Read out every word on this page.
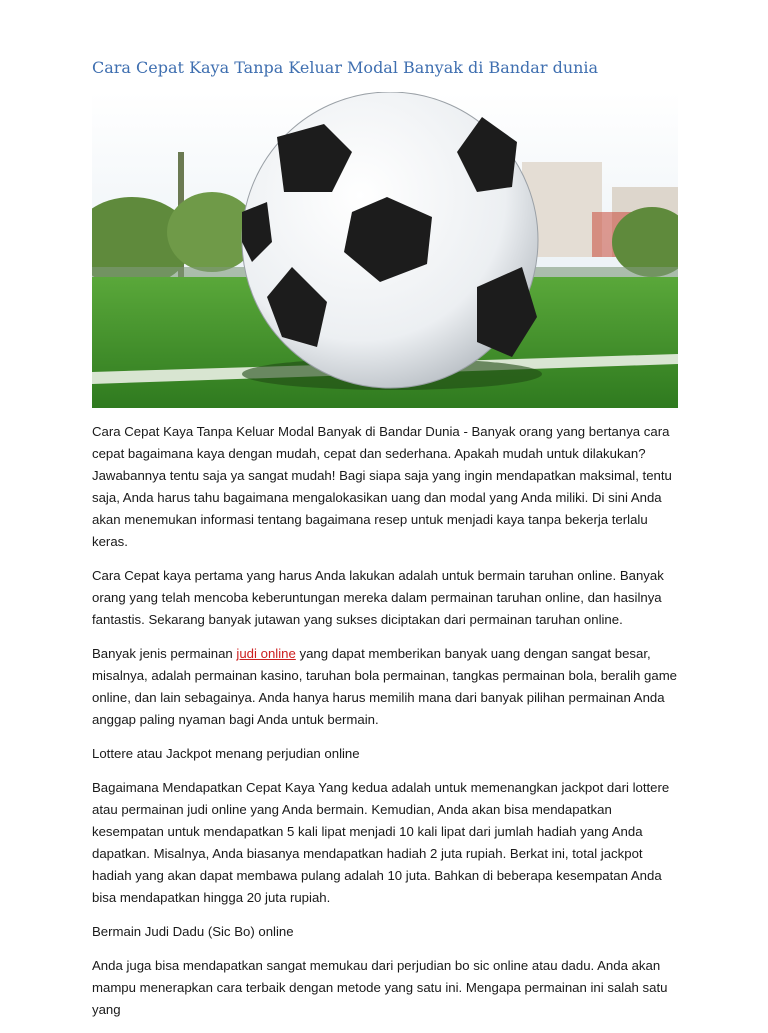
Cara Cepat Kaya Tanpa Keluar Modal Banyak di Bandar dunia

Cara Cepat Kaya Tanpa Keluar Modal Banyak di Bandar Dunia - Banyak orang yang bertanya cara cepat bagaimana kaya dengan mudah, cepat dan sederhana. Apakah mudah untuk dilakukan? Jawabannya tentu saja ya sangat mudah! Bagi siapa saja yang ingin mendapatkan maksimal, tentu saja, Anda harus tahu bagaimana mengalokasikan uang dan modal yang Anda miliki. Di sini Anda akan menemukan informasi tentang bagaimana resep untuk menjadi kaya tanpa bekerja terlalu keras.

Cara Cepat kaya pertama yang harus Anda lakukan adalah untuk bermain taruhan online. Banyak orang yang telah mencoba keberuntungan mereka dalam permainan taruhan online, dan hasilnya fantastis. Sekarang banyak jutawan yang sukses diciptakan dari permainan taruhan online.

Banyak jenis permainan judi online yang dapat memberikan banyak uang dengan sangat besar, misalnya, adalah permainan kasino, taruhan bola permainan, tangkas permainan bola, beralih game online, dan lain sebagainya. Anda hanya harus memilih mana dari banyak pilihan permainan Anda anggap paling nyaman bagi Anda untuk bermain.

Lottere atau Jackpot menang perjudian online

Bagaimana Mendapatkan Cepat Kaya Yang kedua adalah untuk memenangkan jackpot dari lottere atau permainan judi online yang Anda bermain. Kemudian, Anda akan bisa mendapatkan kesempatan untuk mendapatkan 5 kali lipat menjadi 10 kali lipat dari jumlah hadiah yang Anda dapatkan. Misalnya, Anda biasanya mendapatkan hadiah 2 juta rupiah. Berkat ini, total jackpot hadiah yang akan dapat membawa pulang adalah 10 juta. Bahkan di beberapa kesempatan Anda bisa mendapatkan hingga 20 juta rupiah.

Bermain Judi Dadu (Sic Bo) online

Anda juga bisa mendapatkan sangat memukau dari perjudian bo sic online atau dadu. Anda akan mampu menerapkan cara terbaik dengan metode yang satu ini. Mengapa permainan ini salah satu yang
